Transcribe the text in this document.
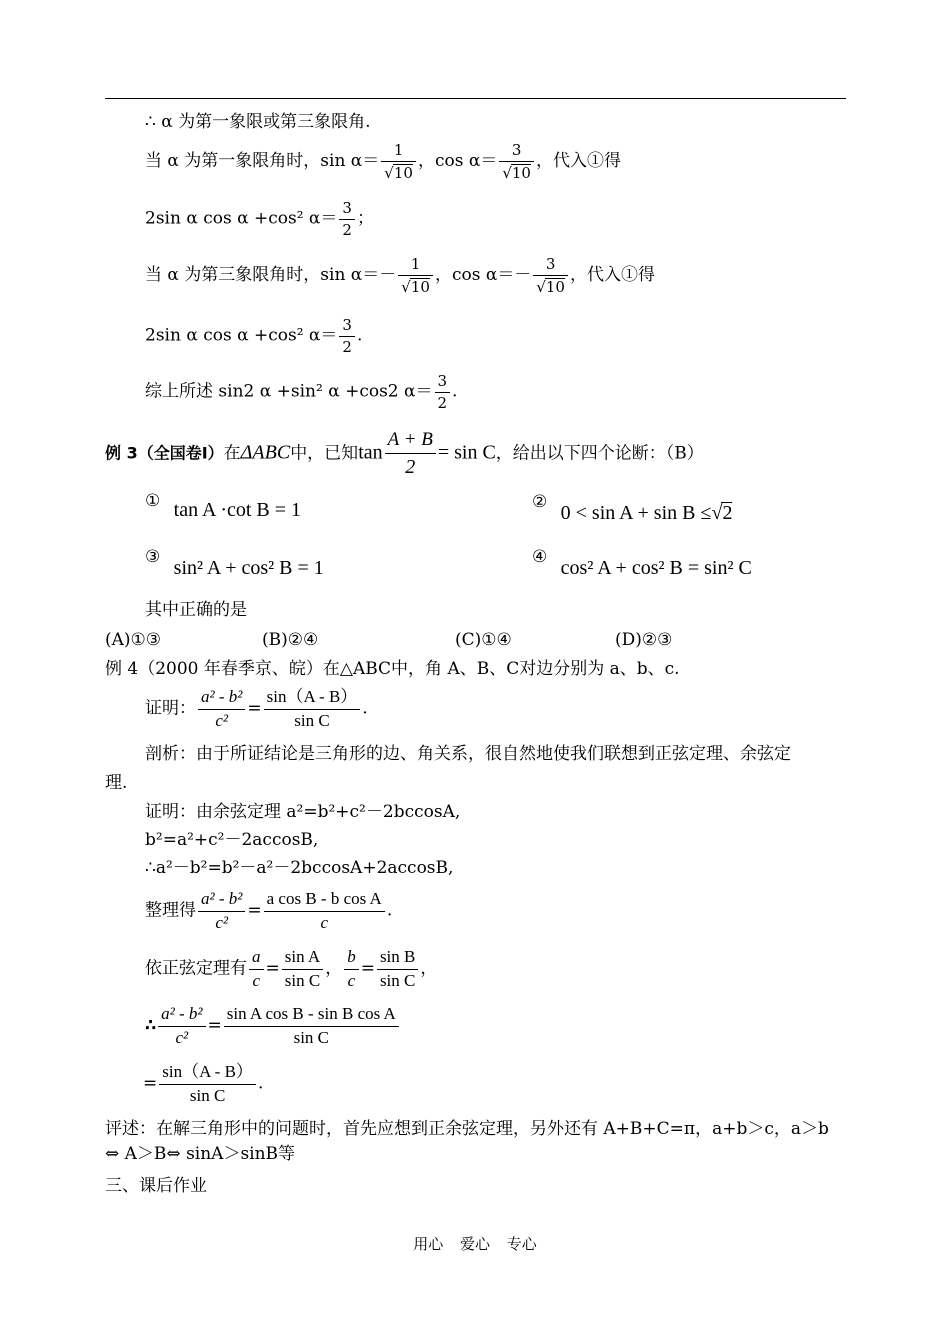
∴ α 为第一象限或第三象限角.
当 α 为第一象限角时，$\sin \alpha= \frac{1}{√10}$ ，$\cos \alpha= \frac{3}{√10}$ ，代入①得
2sin α cos α +cos² $\alpha= \frac{3}{2}$ ；
当 α 为第三象限角时，$\sin \alpha=- \frac{1}{√10}$ ，$\cos \alpha=- \frac{3}{√10}$ ，代入①得
2sin α cos α +cos² $\alpha= \frac{3}{2}$ .
综上所述 sin2 α +sin² α +cos2 $\alpha= \frac{3}{2}$ .
例 3（全国卷Ⅰ）在ΔABC中，已知$\tan \frac{A + B}{2} = \sin C$，给出以下四个论断：（B）
① tan A ·cot B = 1	② 0 < sin A + sin B ≤√2
③ sin² A + cos² B = 1	④ cos² A + cos² B = sin² C
其中正确的是
(A)①③	(B)②④	(C)①④	(D)②③
例 4（2000 年春季京、皖）在△ABC中，角 A、B、C对边分别为 a、b、c.
证明： $\frac{\text{a² - b²}}{\text{c²}} = \frac{\sin(A - B)}{\text{sin C}}$ .
剖析：由于所证结论是三角形的边、角关系，很自然地使我们联想到正弦定理、余弦定
理.
证明：由余弦定理 a²=b²+c²－2bccosA,
b²=a²+c²－2accosB,
∴a²－b²=b²－a²－2bccosA+2accosB,
整理得 $\frac{\text{a² - b²}}{\text{c²}} = \frac{\text{a cos B - b cos A}}{c}$ .
依正弦定理有 $\frac{a}{c} = \frac{\text{sin A}}{\text{sin C}}$ ， $\frac{b}{c} = \frac{\text{sin B}}{\text{sin C}}$ ，
∴ $\frac{\text{a² - b²}}{\text{c²}} = \frac{\text{sin A cos B - sin B cos A}}{\text{sin C}}$
= $\frac{\sin(A - B)}{\text{sin C}}$ .
评述：在解三角形中的问题时，首先应想到正余弦定理，另外还有 A+B+C=π，a+b＞c，a＞b
⇔ A＞B⇔ sinA＞sinB等
三、课后作业
用心 爱心 专心
